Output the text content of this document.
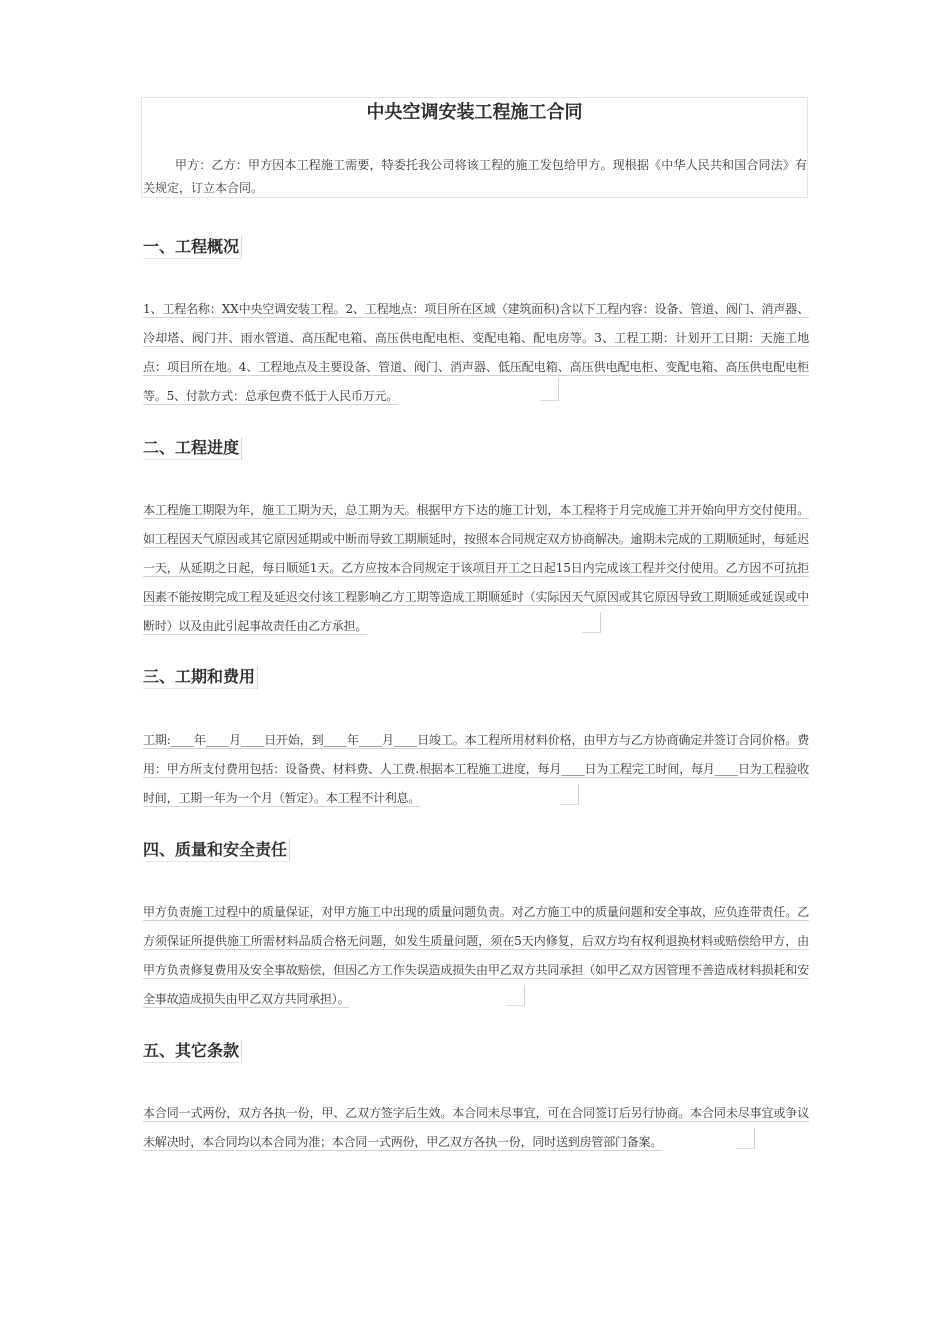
中央空调安装工程施工合同

甲方：乙方：甲方因本工程施工需要，特委托我公司将该工程的施工发包给甲方。现根据《中华人民共和国合同法》有关规定，订立本合同。

一、工程概况

1、工程名称：XX中央空调安装工程。2、工程地点：项目所在区域（建筑面积)含以下工程内容：设备、管道、阀门、消声器、冷却塔、阀门井、雨水管道、高压配电箱、高压供电配电柜、变配电箱、配电房等。3、工程工期：计划开工日期：天施工地点：项目所在地。4、工程地点及主要设备、管道、阀门、消声器、低压配电箱、高压供电配电柜、变配电箱、高压供电配电柜等。5、付款方式：总承包费不低于人民币万元。

二、工程进度

本工程施工期限为年，施工工期为天，总工期为天。根据甲方下达的施工计划，本工程将于月完成施工并开始向甲方交付使用。如工程因天气原因或其它原因延期或中断而导致工期顺延时，按照本合同规定双方协商解决。逾期未完成的工期顺延时，每延迟一天，从延期之日起，每日顺延1天。乙方应按本合同规定于该项目开工之日起15日内完成该工程并交付使用。乙方因不可抗拒因素不能按期完成工程及延迟交付该工程影响乙方工期等造成工期顺延时（实际因天气原因或其它原因导致工期顺延或延误或中断时）以及由此引起事故责任由乙方承担。

三、工期和费用

工期:____年____月____日开始，到____年____月____日竣工。本工程所用材料价格，由甲方与乙方协商确定并签订合同价格。费用：甲方所支付费用包括：设备费、材料费、人工费.根据本工程施工进度，每月____日为工程完工时间，每月____日为工程验收时间，工期一年为一个月（暂定）。本工程不计利息。

四、质量和安全责任

甲方负责施工过程中的质量保证，对甲方施工中出现的质量问题负责。对乙方施工中的质量问题和安全事故，应负连带责任。乙方须保证所提供施工所需材料品质合格无问题，如发生质量问题，须在5天内修复，后双方均有权利退换材料或赔偿给甲方，由甲方负责修复费用及安全事故赔偿，但因乙方工作失误造成损失由甲乙双方共同承担（如甲乙双方因管理不善造成材料损耗和安全事故造成损失由甲乙双方共同承担）。

五、其它条款

本合同一式两份，双方各执一份，甲、乙双方签字后生效。本合同未尽事宜，可在合同签订后另行协商。本合同未尽事宜或争议未解决时，本合同均以本合同为准；本合同一式两份，甲乙双方各执一份，同时送到房管部门备案。
